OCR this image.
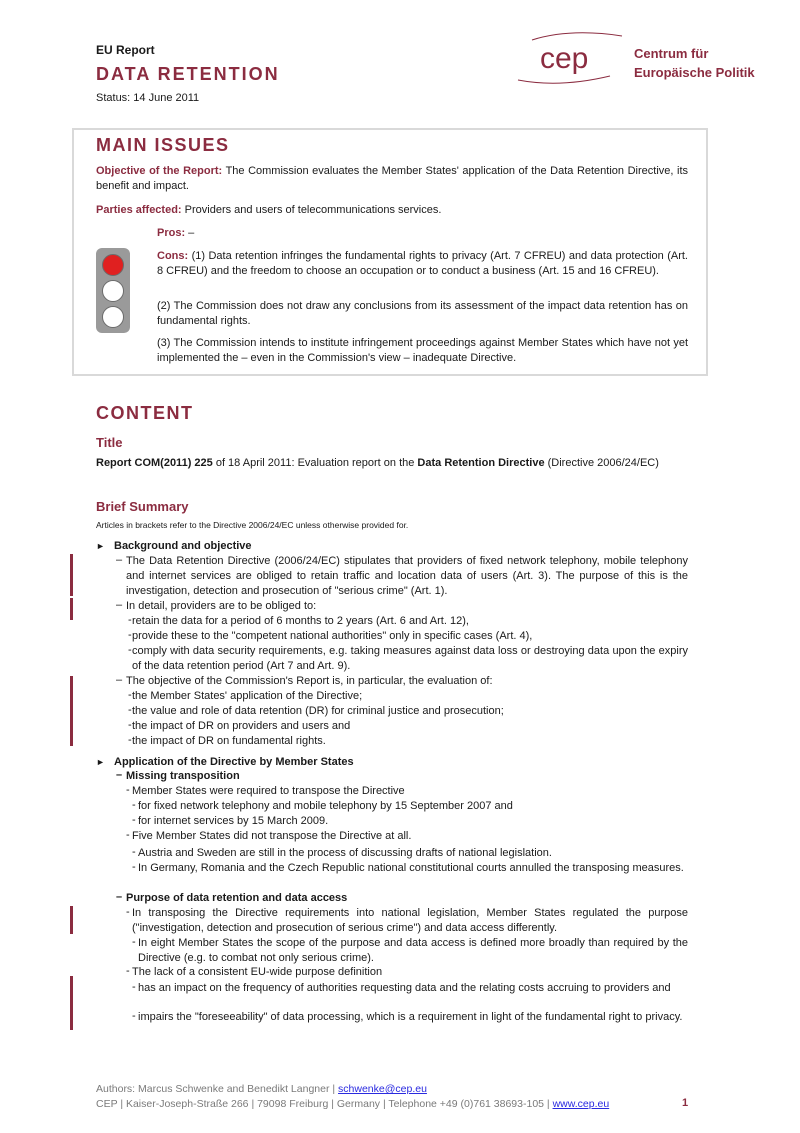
EU Report
DATA RETENTION
Status: 14 June 2011
cep	Centrum für
Europäische Politik
MAIN ISSUES
Objective of the Report: The Commission evaluates the Member States' application of the Data Retention Directive, its benefit and impact.
Parties affected: Providers and users of telecommunications services.
Pros: –
Cons: (1) Data retention infringes the fundamental rights to privacy (Art. 7 CFREU) and data protection (Art. 8 CFREU) and the freedom to choose an occupation or to conduct a business (Art. 15 and 16 CFREU).
(2) The Commission does not draw any conclusions from its assessment of the impact data retention has on fundamental rights.
(3) The Commission intends to institute infringement proceedings against Member States which have not yet implemented the – even in the Commission's view – inadequate Directive.
CONTENT
Title
Report COM(2011) 225 of 18 April 2011: Evaluation report on the Data Retention Directive (Directive 2006/24/EC)
Brief Summary
Articles in brackets refer to the Directive 2006/24/EC unless otherwise provided for.
► Background and objective
– The Data Retention Directive (2006/24/EC) stipulates that providers of fixed network telephony, mobile telephony and internet services are obliged to retain traffic and location data of users (Art. 3). The purpose of this is the investigation, detection and prosecution of "serious crime" (Art. 1).
– In detail, providers are to be obliged to:
- retain the data for a period of 6 months to 2 years (Art. 6 and Art. 12),
- provide these to the "competent national authorities" only in specific cases (Art. 4),
- comply with data security requirements, e.g. taking measures against data loss or destroying data upon the expiry of the data retention period (Art 7 and Art. 9).
– The objective of the Commission's Report is, in particular, the evaluation of:
- the Member States' application of the Directive;
- the value and role of data retention (DR) for criminal justice and prosecution;
- the impact of DR on providers and users and
- the impact of DR on fundamental rights.
► Application of the Directive by Member States
– Missing transposition
- Member States were required to transpose the Directive
- for fixed network telephony and mobile telephony by 15 September 2007 and
- for internet services by 15 March 2009.
- Five Member States did not transpose the Directive at all.
- Austria and Sweden are still in the process of discussing drafts of national legislation.
- In Germany, Romania and the Czech Republic national constitutional courts annulled the transposing measures.
– Purpose of data retention and data access
- In transposing the Directive requirements into national legislation, Member States regulated the purpose ("investigation, detection and prosecution of serious crime") and data access differently.
- In eight Member States the scope of the purpose and data access is defined more broadly than required by the Directive (e.g. to combat not only serious crime).
- The lack of a consistent EU-wide purpose definition
- has an impact on the frequency of authorities requesting data and the relating costs accruing to providers and
- impairs the "foreseeability" of data processing, which is a requirement in light of the fundamental right to privacy.
Authors: Marcus Schwenke and Benedikt Langner | schwenke@cep.eu
CEP | Kaiser-Joseph-Straße 266 | 79098 Freiburg | Germany | Telephone +49 (0)761 38693-105 | www.cep.eu	1
